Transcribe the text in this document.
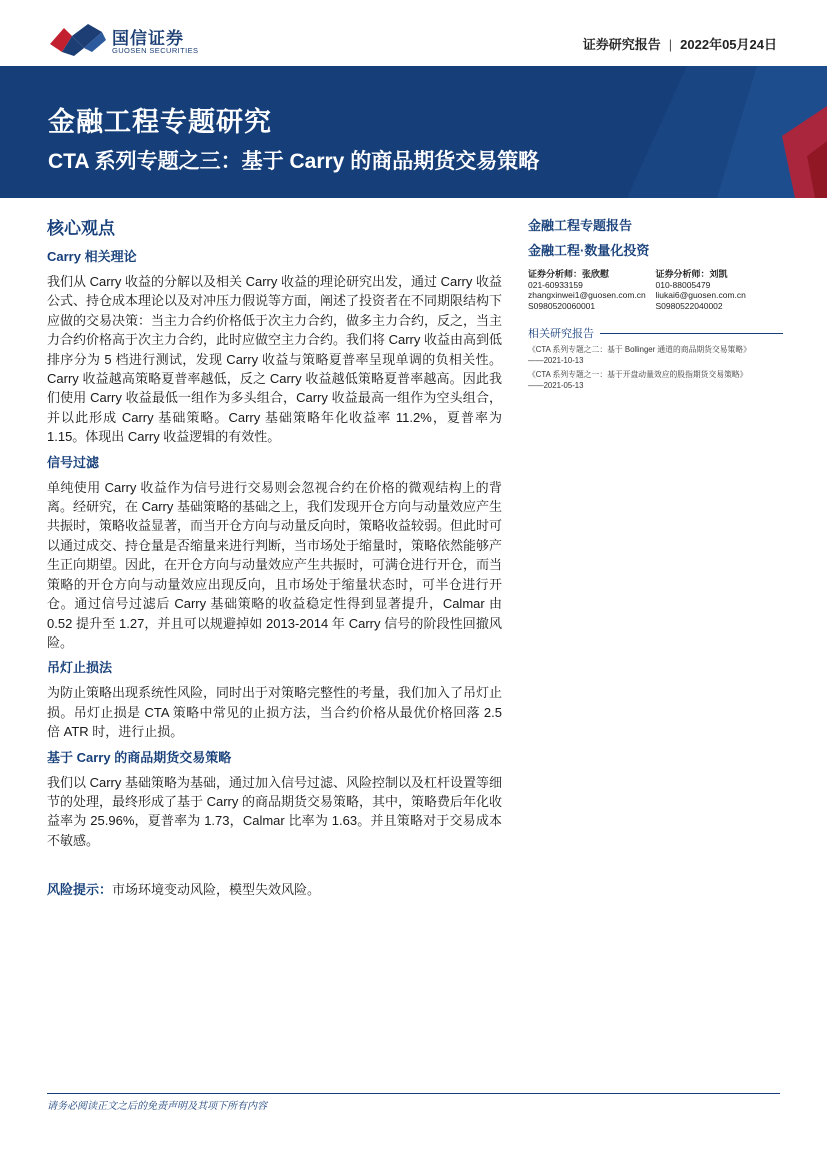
国信证券
GUOSEN SECURITIES	证券研究报告 | 2022年05月24日
金融工程专题研究
CTA 系列专题之三：基于 Carry 的商品期货交易策略
核心观点
Carry 相关理论

我们从 Carry 收益的分解以及相关 Carry 收益的理论研究出发，通过 Carry 收益公式、持仓成本理论以及对冲压力假说等方面，阐述了投资者在不同期限结构下应做的交易决策：当主力合约价格低于次主力合约，做多主力合约，反之，当主力合约价格高于次主力合约，此时应做空主力合约。我们将 Carry 收益由高到低排序分为 5 档进行测试，发现 Carry 收益与策略夏普率呈现单调的负相关性。Carry 收益越高策略夏普率越低，反之 Carry 收益越低策略夏普率越高。因此我们使用 Carry 收益最低一组作为多头组合，Carry 收益最高一组作为空头组合，并以此形成 Carry 基础策略。Carry 基础策略年化收益率 11.2%，夏普率为 1.15。体现出 Carry 收益逻辑的有效性。

信号过滤

单纯使用 Carry 收益作为信号进行交易则会忽视合约在价格的微观结构上的背离。经研究，在 Carry 基础策略的基础之上，我们发现开仓方向与动量效应产生共振时，策略收益显著，而当开仓方向与动量反向时，策略收益较弱。但此时可以通过成交、持仓量是否缩量来进行判断，当市场处于缩量时，策略依然能够产生正向期望。因此，在开仓方向与动量效应产生共振时，可满仓进行开仓，而当策略的开仓方向与动量效应出现反向，且市场处于缩量状态时，可半仓进行开仓。通过信号过滤后 Carry 基础策略的收益稳定性得到显著提升，Calmar 由 0.52 提升至 1.27，并且可以规避掉如 2013-2014 年 Carry 信号的阶段性回撤风险。

吊灯止损法

为防止策略出现系统性风险，同时出于对策略完整性的考量，我们加入了吊灯止损。吊灯止损是 CTA 策略中常见的止损方法，当合约价格从最优价格回落 2.5 倍 ATR 时，进行止损。

基于 Carry 的商品期货交易策略

我们以 Carry 基础策略为基础，通过加入信号过滤、风险控制以及杠杆设置等细节的处理，最终形成了基于 Carry 的商品期货交易策略，其中，策略费后年化收益率为 25.96%，夏普率为 1.73，Calmar 比率为 1.63。并且策略对于交易成本不敏感。

风险提示：市场环境变动风险，模型失效风险。
金融工程专题报告
金融工程·数量化投资
证券分析师：张欣慰
021-60933159
zhangxinwei1@guosen.com.cn
S0980520060001
证券分析师：刘凯
010-88005479
liukai6@guosen.com.cn
S0980522040002
相关研究报告
《CTA 系列专题之二：基于 Bollinger 通道的商品期货交易策略》
——2021-10-13
《CTA 系列专题之一：基于开盘动量效应的股指期货交易策略》
——2021-05-13
请务必阅读正文之后的免责声明及其项下所有内容
